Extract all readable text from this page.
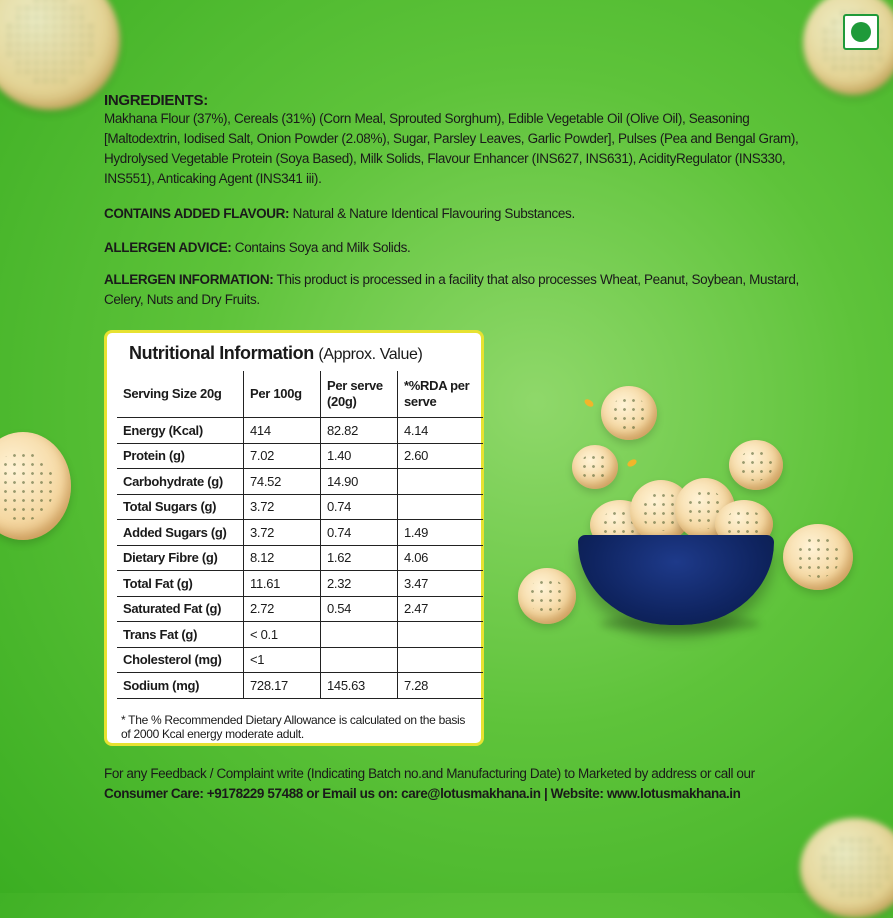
INGREDIENTS:
Makhana Flour (37%), Cereals (31%) (Corn Meal, Sprouted Sorghum), Edible Vegetable Oil (Olive Oil), Seasoning [Maltodextrin, Iodised Salt, Onion Powder (2.08%), Sugar, Parsley Leaves, Garlic Powder], Pulses (Pea and Bengal Gram), Hydrolysed Vegetable Protein (Soya Based), Milk Solids, Flavour Enhancer (INS627, INS631), AcidityRegulator (INS330, INS551), Anticaking Agent (INS341 iii).
CONTAINS ADDED FLAVOUR: Natural & Nature Identical Flavouring Substances.
ALLERGEN ADVICE: Contains Soya and Milk Solids.
ALLERGEN INFORMATION: This product is processed in a facility that also processes Wheat, Peanut, Soybean, Mustard, Celery, Nuts and Dry Fruits.
Nutritional Information (Approx. Value)
Serving Size 20g	Per 100g	Per serve (20g)	*%RDA per serve
Energy (Kcal)	414	82.82	4.14
Protein (g)	7.02	1.40	2.60
Carbohydrate (g)	74.52	14.90	
Total Sugars (g)	3.72	0.74	
Added Sugars (g)	3.72	0.74	1.49
Dietary Fibre (g)	8.12	1.62	4.06
Total Fat (g)	11.61	2.32	3.47
Saturated Fat (g)	2.72	0.54	2.47
Trans Fat (g)	< 0.1		
Cholesterol (mg)	<1		
Sodium (mg)	728.17	145.63	7.28
* The % Recommended Dietary Allowance is calculated on the basis of 2000 Kcal energy moderate adult.
For any Feedback / Complaint write (Indicating Batch no.and Manufacturing Date) to Marketed by address or call our
Consumer Care: +9178229 57488 or Email us on: care@lotusmakhana.in | Website: www.lotusmakhana.in
